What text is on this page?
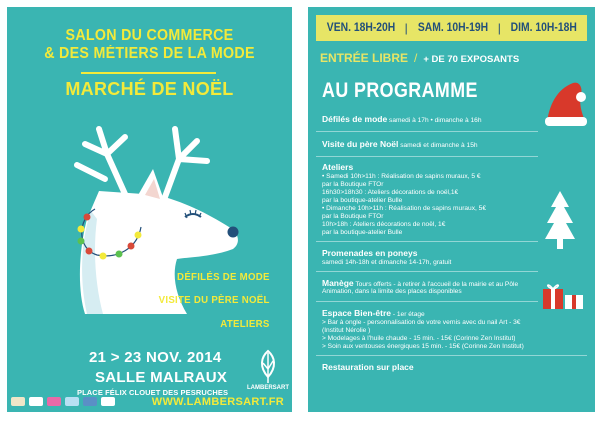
SALON DU COMMERCE
& DES MÉTIERS DE LA MODE
MARCHÉ DE NOËL
DÉFILÉS DE MODE
VISITE DU PÈRE NOËL
ATELIERS
21 > 23 NOV. 2014
SALLE MALRAUX
PLACE FÉLIX CLOUET DES PESRUCHES	LAMBERSART
WWW.LAMBERSART.FR
VEN. 18H-20H | SAM. 10H-19H | DIM. 10H-18H
ENTRÉE LIBRE / + DE 70 EXPOSANTS
AU PROGRAMME
Défilés de mode samedi à 17h • dimanche à 16h
Visite du père Noël samedi et dimanche à 15h
Ateliers
• Samedi 10h>11h : Réalisation de sapins muraux, 5 €
par la Boutique FTOr
16h30>18h30 : Ateliers décorations de noël,1€
par la boutique-atelier Bulle
• Dimanche 10h>11h : Réalisation de sapins muraux, 5€
par la Boutique FTOr
10h>18h : Ateliers décorations de noël, 1€
par la boutique-atelier Bulle
Promenades en poneys
samedi 14h-18h et dimanche 14-17h, gratuit
Manège Tours offerts - à retirer à l'accueil de la mairie et au Pôle
Animation, dans la limite des places disponibles
Espace Bien-être - 1er étage
> Bar à ongle - personnalisation de votre vernis avec du nail Art - 3€
(Institut Nérolie )
> Modelages à l'huile chaude - 15 min. - 15€ (Corinne Zen Institut)
> Soin aux ventouses énergiques 15 min. - 15€ (Corinne Zen Institut)
Restauration sur place
